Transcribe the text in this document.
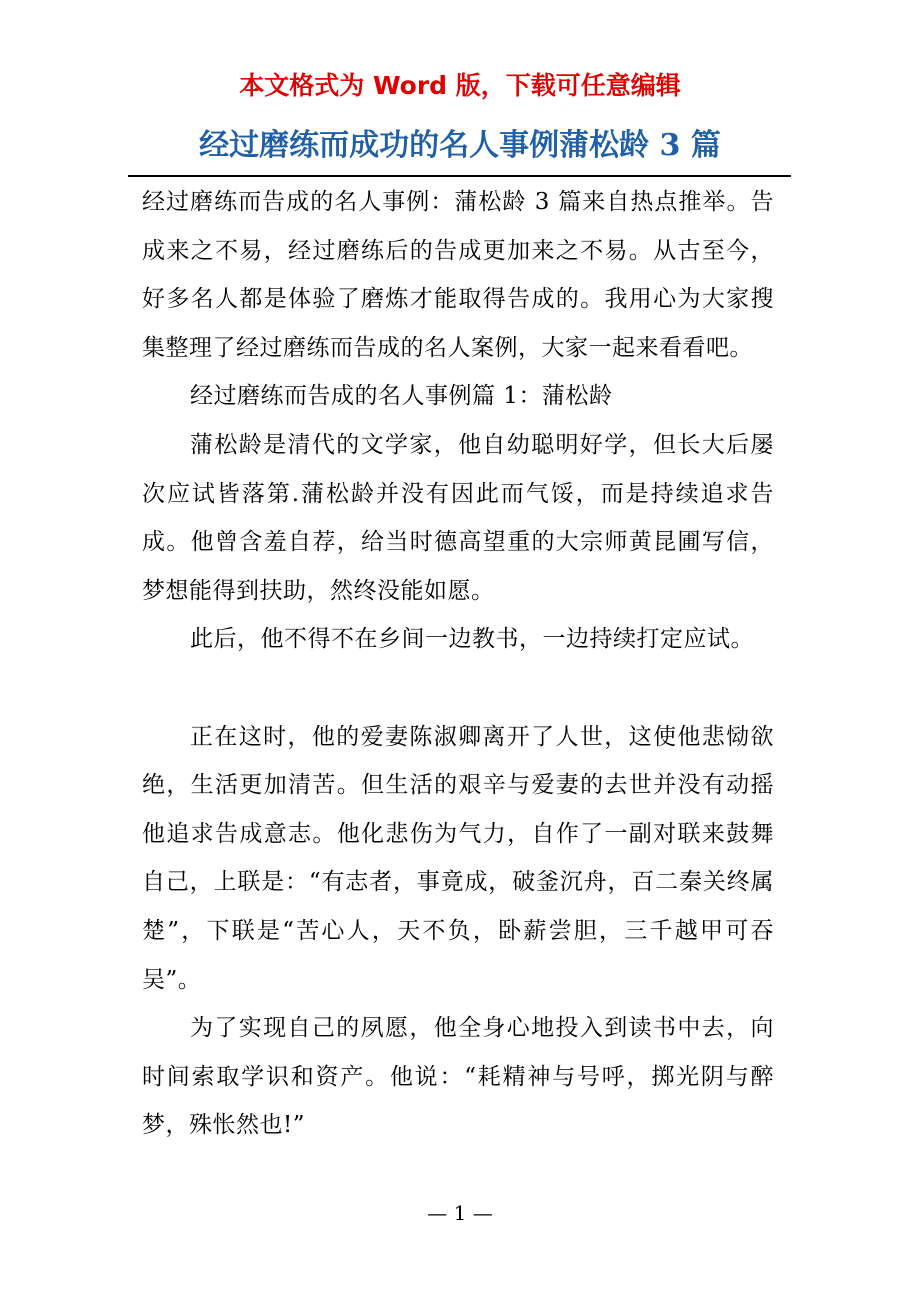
本文格式为 Word 版，下载可任意编辑
经过磨练而成功的名人事例蒲松龄 3 篇

经过磨练而告成的名人事例：蒲松龄 3 篇来自热点推举。告成来之不易，经过磨练后的告成更加来之不易。从古至今，好多名人都是体验了磨炼才能取得告成的。我用心为大家搜集整理了经过磨练而告成的名人案例，大家一起来看看吧。

经过磨练而告成的名人事例篇 1：蒲松龄

蒲松龄是清代的文学家，他自幼聪明好学，但长大后屡次应试皆落第.蒲松龄并没有因此而气馁，而是持续追求告成。他曾含羞自荐，给当时德高望重的大宗师黄昆圃写信，梦想能得到扶助，然终没能如愿。

此后，他不得不在乡间一边教书，一边持续打定应试。

正在这时，他的爱妻陈淑卿离开了人世，这使他悲恸欲绝，生活更加清苦。但生活的艰辛与爱妻的去世并没有动摇他追求告成意志。他化悲伤为气力，自作了一副对联来鼓舞自己，上联是：“有志者，事竟成，破釜沉舟，百二秦关终属楚”，下联是“苦心人，天不负，卧薪尝胆，三千越甲可吞吴”。

为了实现自己的夙愿，他全身心地投入到读书中去，向时间索取学识和资产。他说：“耗精神与号呼，掷光阴与醉梦，殊怅然也!”

— 1 —
